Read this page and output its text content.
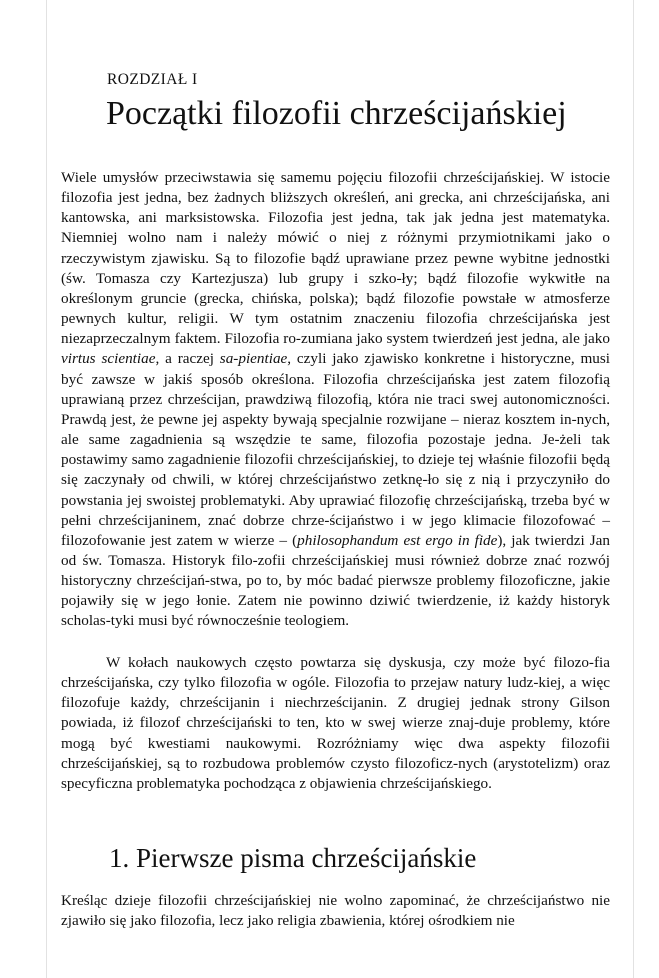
ROZDZIAŁ I
Początki filozofii chrześcijańskiej

Wiele umysłów przeciwstawia się samemu pojęciu filozofii chrześcijańskiej. W istocie filozofia jest jedna, bez żadnych bliższych określeń, ani grecka, ani chrześcijańska, ani kantowska, ani marksistowska. Filozofia jest jedna, tak jak jedna jest matematyka. Niemniej wolno nam i należy mówić o niej z różnymi przymiotnikami jako o rzeczywistym zjawisku. Są to filozofie bądź uprawiane przez pewne wybitne jednostki (św. Tomasza czy Kartezjusza) lub grupy i szko-ły; bądź filozofie wykwitłe na określonym gruncie (grecka, chińska, polska); bądź filozofie powstałe w atmosferze pewnych kultur, religii. W tym ostatnim znaczeniu filozofia chrześcijańska jest niezaprzeczalnym faktem. Filozofia ro-zumiana jako system twierdzeń jest jedna, ale jako virtus scientiae, a raczej sa-pientiae, czyli jako zjawisko konkretne i historyczne, musi być zawsze w jakiś sposób określona. Filozofia chrześcijańska jest zatem filozofią uprawianą przez chrześcijan, prawdziwą filozofią, która nie traci swej autonomiczności. Prawdą jest, że pewne jej aspekty bywają specjalnie rozwijane – nieraz kosztem in-nych, ale same zagadnienia są wszędzie te same, filozofia pozostaje jedna. Je-żeli tak postawimy samo zagadnienie filozofii chrześcijańskiej, to dzieje tej właśnie filozofii będą się zaczynały od chwili, w której chrześcijaństwo zetknę-ło się z nią i przyczyniło do powstania jej swoistej problematyki. Aby uprawiać filozofię chrześcijańską, trzeba być w pełni chrześcijaninem, znać dobrze chrze-ścijaństwo i w jego klimacie filozofować – filozofowanie jest zatem w wierze – (philosophandum est ergo in fide), jak twierdzi Jan od św. Tomasza. Historyk filo-zofii chrześcijańskiej musi również dobrze znać rozwój historyczny chrześcijań-stwa, po to, by móc badać pierwsze problemy filozoficzne, jakie pojawiły się w jego łonie. Zatem nie powinno dziwić twierdzenie, iż każdy historyk scholas-tyki musi być równocześnie teologiem.

W kołach naukowych często powtarza się dyskusja, czy może być filozo-fia chrześcijańska, czy tylko filozofia w ogóle. Filozofia to przejaw natury ludz-kiej, a więc filozofuje każdy, chrześcijanin i niechrześcijanin. Z drugiej jednak strony Gilson powiada, iż filozof chrześcijański to ten, kto w swej wierze znaj-duje problemy, które mogą być kwestiami naukowymi. Rozróżniamy więc dwa aspekty filozofii chrześcijańskiej, są to rozbudowa problemów czysto filozoficz-nych (arystotelizm) oraz specyficzna problematyka pochodząca z objawienia chrześcijańskiego.

1. Pierwsze pisma chrześcijańskie

Kreśląc dzieje filozofii chrześcijańskiej nie wolno zapominać, że chrześcijaństwo nie zjawiło się jako filozofia, lecz jako religia zbawienia, której ośrodkiem nie
